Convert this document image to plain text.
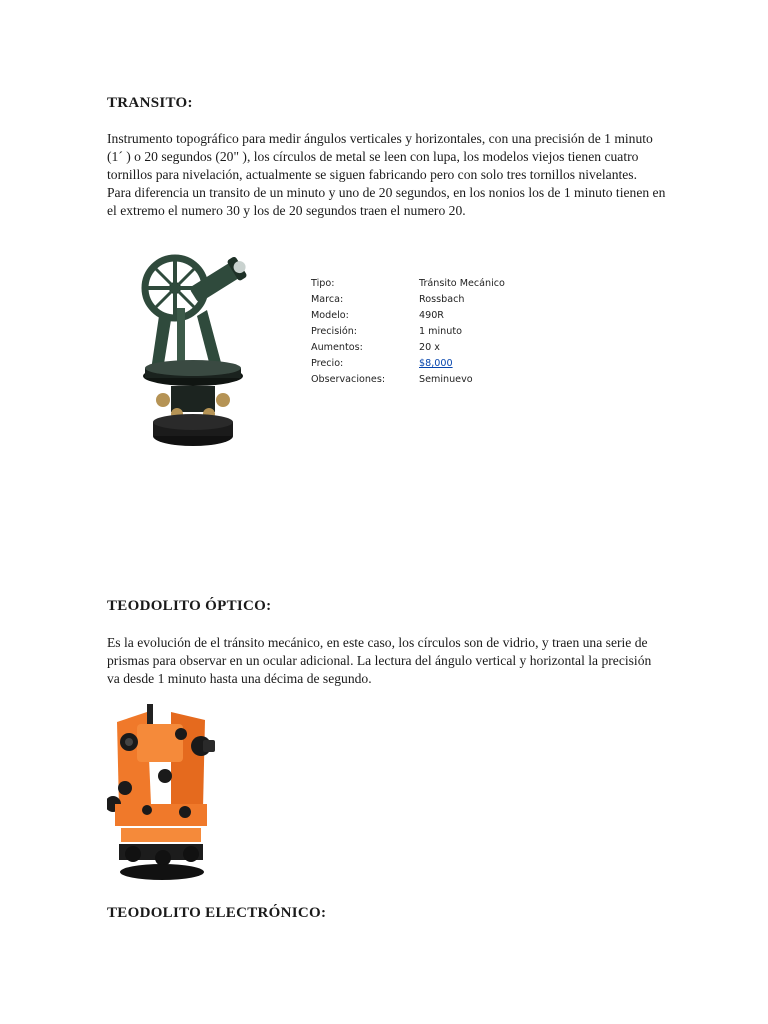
TRANSITO:

Instrumento topográfico para medir ángulos verticales y horizontales, con una precisión de 1 minuto (1´ ) o 20 segundos (20" ), los círculos de metal se leen con lupa, los modelos viejos tienen cuatro tornillos para nivelación, actualmente se siguen fabricando pero con solo tres tornillos nivelantes.

Para diferencia un transito de un minuto y uno de 20 segundos, en los nonios los de 1 minuto tienen en el extremo el numero 30 y los de 20 segundos traen el numero 20.

Tipo:	Tránsito Mecánico
Marca:	Rossbach
Modelo:	490R
Precisión:	1 minuto
Aumentos:	20 x
Precio:	$8,000
Observaciones:	Seminuevo
TEODOLITO ÓPTICO:

Es la evolución de el tránsito mecánico, en este caso, los círculos son de vidrio, y traen una serie de prismas para observar en un ocular adicional. La lectura del ángulo vertical y horizontal la precisión va desde 1 minuto hasta una décima de segundo.

TEODOLITO ELECTRÓNICO:
